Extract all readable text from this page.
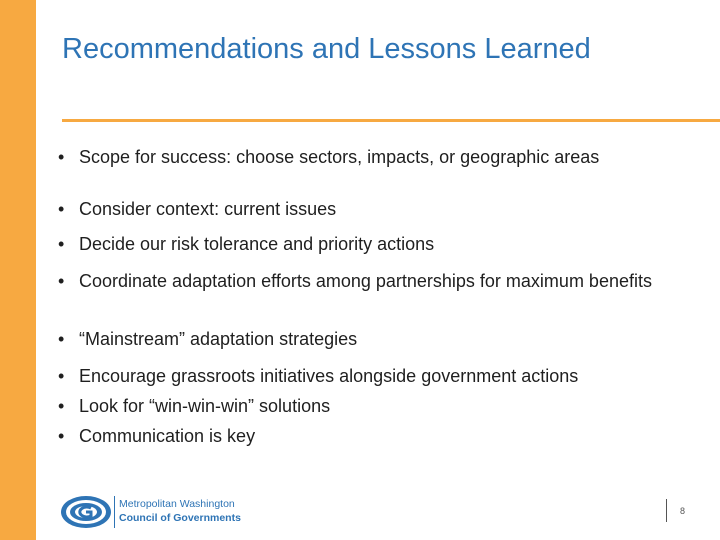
Recommendations and Lessons Learned
• Scope for success: choose sectors, impacts, or geographic areas
• Consider context: current issues
• Decide our risk tolerance and priority actions
• Coordinate adaptation efforts among partnerships for maximum benefits
• “Mainstream” adaptation strategies
• Encourage grassroots initiatives alongside government actions
• Look for “win-win-win” solutions
• Communication is key
Metropolitan Washington
Council of Governments
8
